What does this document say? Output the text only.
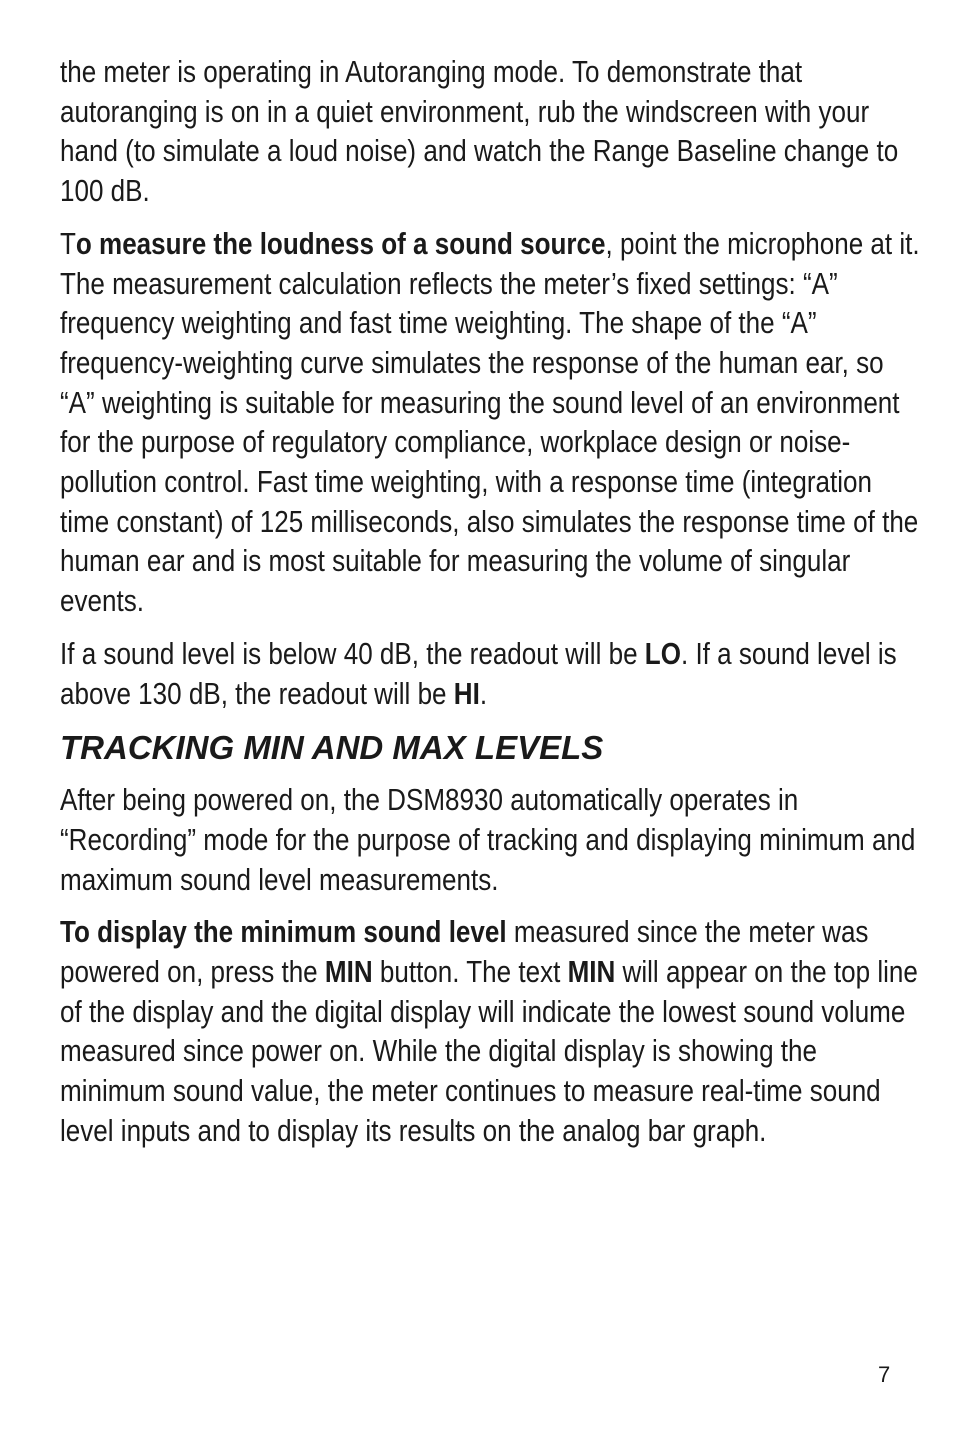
the meter is operating in Autoranging mode. To demonstrate that autoranging is on in a quiet environment, rub the windscreen with your hand (to simulate a loud noise) and watch the Range Baseline change to 100 dB.

To measure the loudness of a sound source, point the microphone at it. The measurement calculation reflects the meter’s fixed settings: “A” frequency weighting and fast time weighting. The shape of the “A” frequency-weighting curve simulates the response of the human ear, so “A” weighting is suitable for measuring the sound level of an environment for the purpose of regulatory compliance, workplace design or noise-pollution control. Fast time weighting, with a response time (integration time constant) of 125 milliseconds, also simulates the response time of the human ear and is most suitable for measuring the volume of singular events.

If a sound level is below 40 dB, the readout will be LO. If a sound level is above 130 dB, the readout will be HI.

TRACKING MIN AND MAX LEVELS

After being powered on, the DSM8930 automatically operates in “Recording” mode for the purpose of tracking and displaying minimum and maximum sound level measurements.

To display the minimum sound level measured since the meter was powered on, press the MIN button. The text MIN will appear on the top line of the display and the digital display will indicate the lowest sound volume measured since power on. While the digital display is showing the minimum sound value, the meter continues to measure real-time sound level inputs and to display its results on the analog bar graph.

7
